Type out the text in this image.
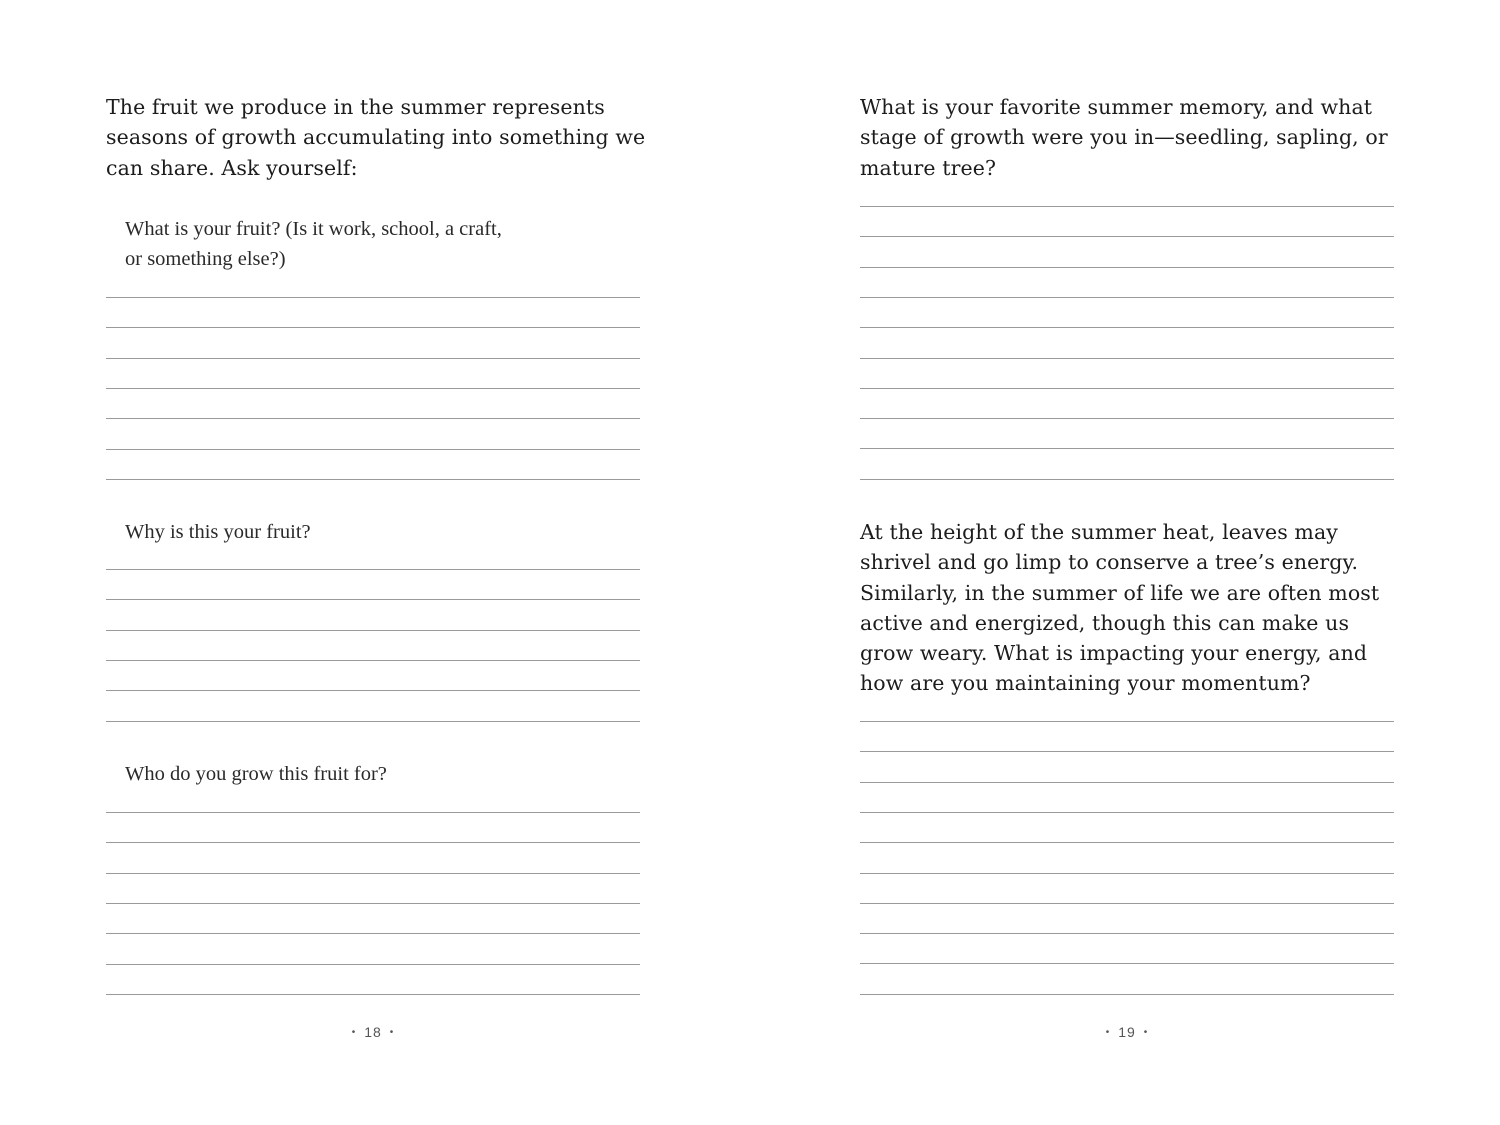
The fruit we produce in the summer represents
seasons of growth accumulating into something we
can share. Ask yourself:
What is your fruit? (Is it work, school, a craft,
or something else?)
Why is this your fruit?
Who do you grow this fruit for?
• 18 •
What is your favorite summer memory, and what
stage of growth were you in—seedling, sapling, or
mature tree?
At the height of the summer heat, leaves may
shrivel and go limp to conserve a tree’s energy.
Similarly, in the summer of life we are often most
active and energized, though this can make us
grow weary. What is impacting your energy, and
how are you maintaining your momentum?
• 19 •
